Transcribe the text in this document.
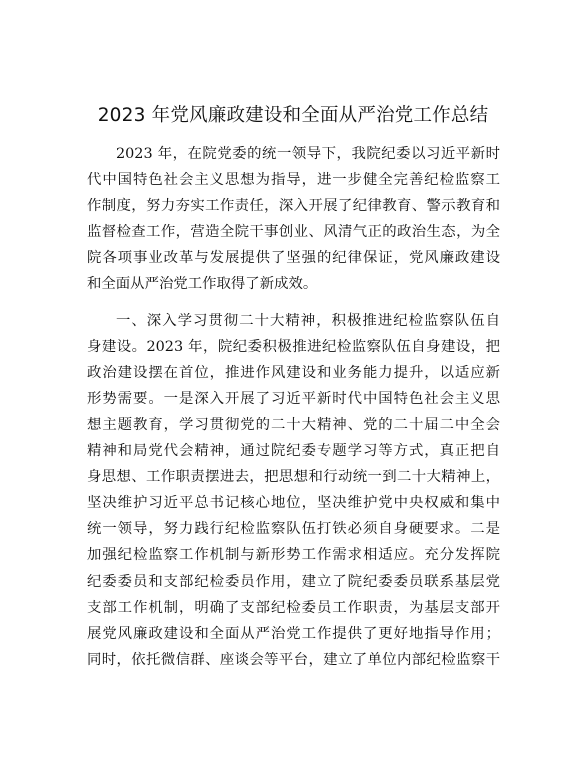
2023 年党风廉政建设和全面从严治党工作总结
2023 年，在院党委的统一领导下，我院纪委以习近平新时
代中国特色社会主义思想为指导，进一步健全完善纪检监察工
作制度，努力夯实工作责任，深入开展了纪律教育、警示教育和
监督检查工作，营造全院干事创业、风清气正的政治生态，为全
院各项事业改革与发展提供了坚强的纪律保证，党风廉政建设
和全面从严治党工作取得了新成效。
一、深入学习贯彻二十大精神，积极推进纪检监察队伍自
身建设。2023 年，院纪委积极推进纪检监察队伍自身建设，把
政治建设摆在首位，推进作风建设和业务能力提升，以适应新
形势需要。一是深入开展了习近平新时代中国特色社会主义思
想主题教育，学习贯彻党的二十大精神、党的二十届二中全会
精神和局党代会精神，通过院纪委专题学习等方式，真正把自
身思想、工作职责摆进去，把思想和行动统一到二十大精神上，
坚决维护习近平总书记核心地位，坚决维护党中央权威和集中
统一领导，努力践行纪检监察队伍打铁必须自身硬要求。二是
加强纪检监察工作机制与新形势工作需求相适应。充分发挥院
纪委委员和支部纪检委员作用，建立了院纪委委员联系基层党
支部工作机制，明确了支部纪检委员工作职责，为基层支部开
展党风廉政建设和全面从严治党工作提供了更好地指导作用；
同时，依托微信群、座谈会等平台，建立了单位内部纪检监察干
